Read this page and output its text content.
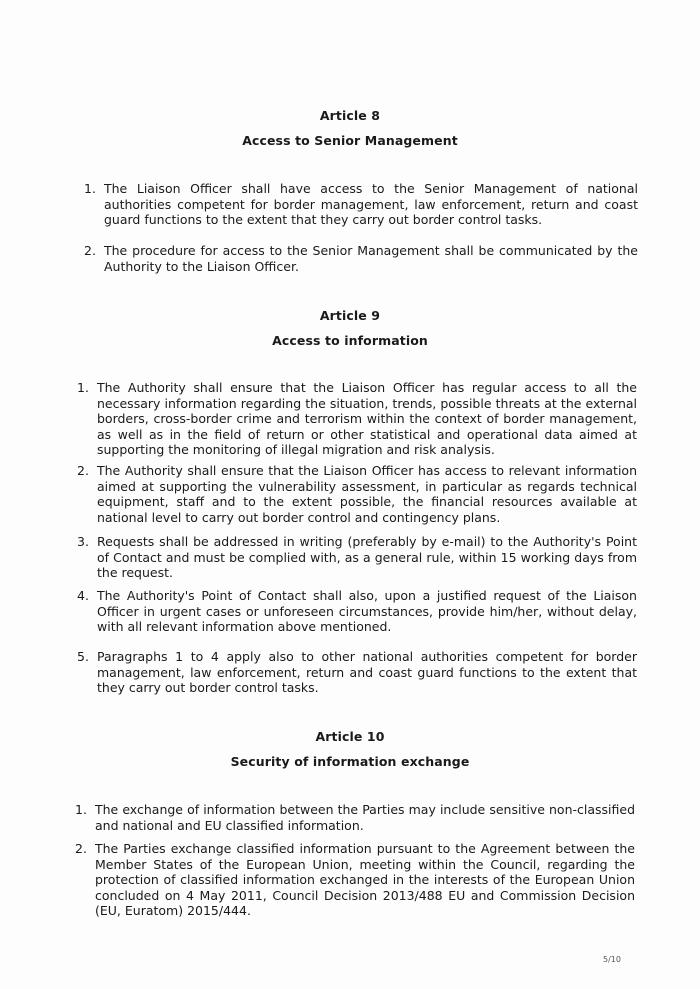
Article 8
Access to Senior Management
1. The Liaison Officer shall have access to the Senior Management of national authorities competent for border management, law enforcement, return and coast guard functions to the extent that they carry out border control tasks.
2. The procedure for access to the Senior Management shall be communicated by the Authority to the Liaison Officer.
Article 9
Access to information
1. The Authority shall ensure that the Liaison Officer has regular access to all the necessary information regarding the situation, trends, possible threats at the external borders, cross-border crime and terrorism within the context of border management, as well as in the field of return or other statistical and operational data aimed at supporting the monitoring of illegal migration and risk analysis.
2. The Authority shall ensure that the Liaison Officer has access to relevant information aimed at supporting the vulnerability assessment, in particular as regards technical equipment, staff and to the extent possible, the financial resources available at national level to carry out border control and contingency plans.
3. Requests shall be addressed in writing (preferably by e-mail) to the Authority's Point of Contact and must be complied with, as a general rule, within 15 working days from the request.
4. The Authority's Point of Contact shall also, upon a justified request of the Liaison Officer in urgent cases or unforeseen circumstances, provide him/her, without delay, with all relevant information above mentioned.
5. Paragraphs 1 to 4 apply also to other national authorities competent for border management, law enforcement, return and coast guard functions to the extent that they carry out border control tasks.
Article 10
Security of information exchange
1. The exchange of information between the Parties may include sensitive non-classified and national and EU classified information.
2. The Parties exchange classified information pursuant to the Agreement between the Member States of the European Union, meeting within the Council, regarding the protection of classified information exchanged in the interests of the European Union concluded on 4 May 2011, Council Decision 2013/488 EU and Commission Decision (EU, Euratom) 2015/444.
5/10
